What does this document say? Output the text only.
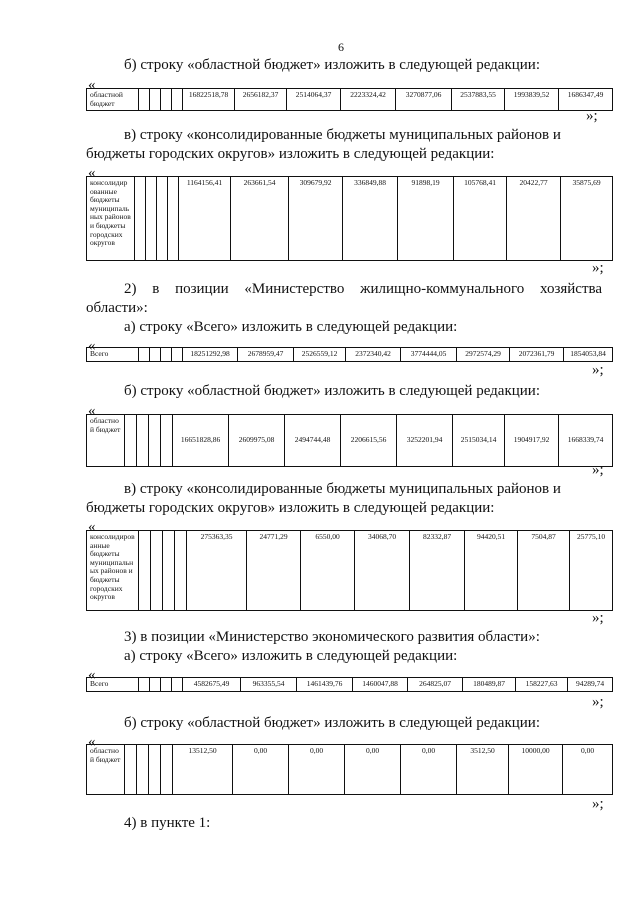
6
б) строку «областной бюджет» изложить в следующей редакции:
«
областной бюджет					16822518,78	2656182,37	2514064,37	2223324,42	3270877,06	2537883,55	1993839,52	1686347,49
»;
в) строку «консолидированные бюджеты муниципальных районов и
бюджеты городских округов» изложить в следующей редакции:
«
консолидированные бюджеты муниципальных районов и бюджеты городских округов					1164156,41	263661,54	309679,92	336849,88	91898,19	105768,41	20422,77	35875,69
»;
2) в позиции «Министерство жилищно-коммунального хозяйства
области»:
а) строку «Всего» изложить в следующей редакции:
«
Всего					18251292,98	2678959,47	2526559,12	2372340,42	3774444,05	2972574,29	2072361,79	1854053,84
»;
б) строку «областной бюджет» изложить в следующей редакции:
«
областной бюджет					16651828,86	2609975,08	2494744,48	2206615,56	3252201,94	2515034,14	1904917,92	1668339,74
»;
в) строку «консолидированные бюджеты муниципальных районов и
бюджеты городских округов» изложить в следующей редакции:
«
консолидированные бюджеты муниципальных районов и бюджеты городских округов					275363,35	24771,29	6550,00	34068,70	82332,87	94420,51	7504,87	25775,10
»;
3) в позиции «Министерство экономического развития области»:
а) строку «Всего» изложить в следующей редакции:
«
Всего					4582675,49	963355,54	1461439,76	1460047,88	264825,07	180489,87	158227,63	94289,74
»;
б) строку «областной бюджет» изложить в следующей редакции:
«
областной бюджет					13512,50	0,00	0,00	0,00	0,00	3512,50	10000,00	0,00
»;
4) в пункте 1:
